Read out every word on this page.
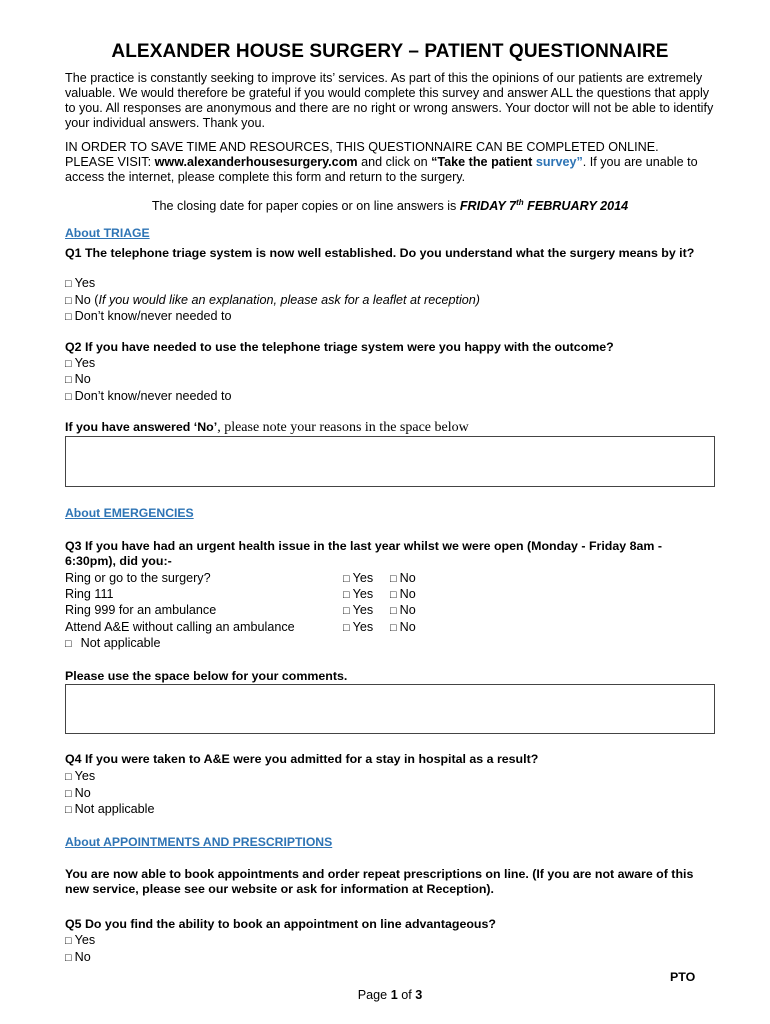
ALEXANDER HOUSE SURGERY – PATIENT QUESTIONNAIRE
The practice is constantly seeking to improve its’ services. As part of this the opinions of our patients are extremely valuable. We would therefore be grateful if you would complete this survey and answer ALL the questions that apply to you. All responses are anonymous and there are no right or wrong answers. Your doctor will not be able to identify your individual answers. Thank you.
IN ORDER TO SAVE TIME AND RESOURCES, THIS QUESTIONNAIRE CAN BE COMPLETED ONLINE.
PLEASE VISIT: www.alexanderhousesurgery.com and click on “Take the patient survey”. If you are unable to access the internet, please complete this form and return to the surgery.
The closing date for paper copies or on line answers is FRIDAY 7th FEBRUARY 2014
About TRIAGE
Q1 The telephone triage system is now well established. Do you understand what the surgery means by it?
□ Yes
□ No (If you would like an explanation, please ask for a leaflet at reception)
□ Don’t know/never needed to
Q2 If you have needed to use the telephone triage system were you happy with the outcome?
□ Yes
□ No
□ Don’t know/never needed to
If you have answered ‘No’, please note your reasons in the space below
About EMERGENCIES
Q3 If you have had an urgent health issue in the last year whilst we were open (Monday - Friday 8am - 6:30pm), did you:-
Ring or go to the surgery?	□ Yes □ No
Ring 111	□ Yes □ No
Ring 999 for an ambulance	□ Yes □ No
Attend A&E without calling an ambulance	□ Yes □ No
□ Not applicable
Please use the space below for your comments.
Q4 If you were taken to A&E were you admitted for a stay in hospital as a result?
□ Yes
□ No
□ Not applicable
About APPOINTMENTS AND PRESCRIPTIONS
You are now able to book appointments and order repeat prescriptions on line. (If you are not aware of this new service, please see our website or ask for information at Reception).
Q5 Do you find the ability to book an appointment on line advantageous?
□ Yes
□ No
PTO
Page 1 of 3
